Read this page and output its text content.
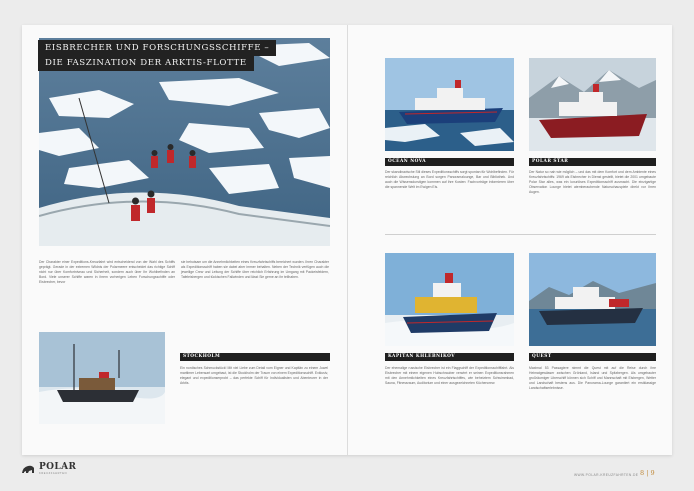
EISBRECHER UND FORSCHUNGSSCHIFFE –
DIE FASZINATION DER ARKTIS-FLOTTE

Der Charakter einer Expeditions-Kreuzfahrt wird entscheidend von der Wahl des Schiffs geprägt. Gerade in der extremen Wildnis der Polarmeere entscheidet das richtige Schiff nicht nur über Komfortniveau und Sicherheit, sondern auch über Ihr Wohlbefinden an Bord. Viele unserer Schiffe waren in ihrem vorherigen Leben Forschungsschiffe oder Eisbrecher, bevor

sie behutsam um die Annehmlichkeiten eines Kreuzfahrtschiffs bereichert wurden. Ihren Charakter als Expeditionsschiff haben sie dabei aber immer behalten. Neben der Technik verfügen auch die jeweilige Crew und Leitung der Schiffe über reichlich Erfahrung im Umgang mit Packeisfeldern, Tafeleisbergen und tückischen Fallwinden und lässt Sie gerne an ihr teilhaben.

STOCKHOLM

Ein nordisches Schmuckstück! Mit viel Liebe zum Detail vom Eigner und Kapitän zu einem Juwel maritimer Lebensart umgebaut, ist die Stockholm der Traum von einem Expeditionsschiff. Exklusiv, elegant und expeditionserprobt – das perfekte Schiff für Individualisten und Abenteurer in der Arktis.

OCEAN NOVA	POLAR STAR

Der skandinavische Stil dieses Expeditionsschiffs sorgt spontan für Wohlbefinden. Für reichlich Abwechslung an Bord sorgen Panoramalounge, Bar und Bibliothek. Und auch die Wissensdurstigen kommen auf ihre Kosten: Fachvorträge informieren über die spannende Welt im Ewigen Eis.

Der Natur so nah wie möglich – und das mit dem Komfort und dem Ambiente eines Kreuzfahrtschiffs: 1969 als Eisbrecher in Dienst gestellt, bietet die 2001 umgebaute Polar Star alles, was ein luxuriöses Expeditionsschiff ausmacht. Die einzigartige Observation Lounge bietet atemberaubende Naturschauspiele direkt vor Ihren Augen.

KAPITAN KHLEBNIKOV	QUEST

Der ehemalige russische Eisbrecher ist ein Flaggschiff der Expeditionsschifffahrt. Als Eisbrecher mit einem eigenen Hubschrauber verwirrt er seinen Expeditionsrahmen mit den Annehmlichkeiten eines Kreuzfahrtschiffes, wie beheiztem Schwimmbad, Sauna, Fitnessraum, Auditorium und einer ausgezeichneten Küchencrew.

Maximal 53 Passagiere nimmt die Quest mit auf die Reise durch ihre Heimatgewässer zwischen Grönland, Island und Spitzbergen. Als umgebauter großräumiger Liberschiff können sich Schiff und Mannschaft mit Eisbergen, Wetter und Landschaft bestens aus. Die Panorama-Lounge garantiert ein erstklassige Landschaftserlebnisse.

POLAR
KREUZFAHRTEN	WWW.POLAR-KREUZFAHRTEN.DE 8 | 9
